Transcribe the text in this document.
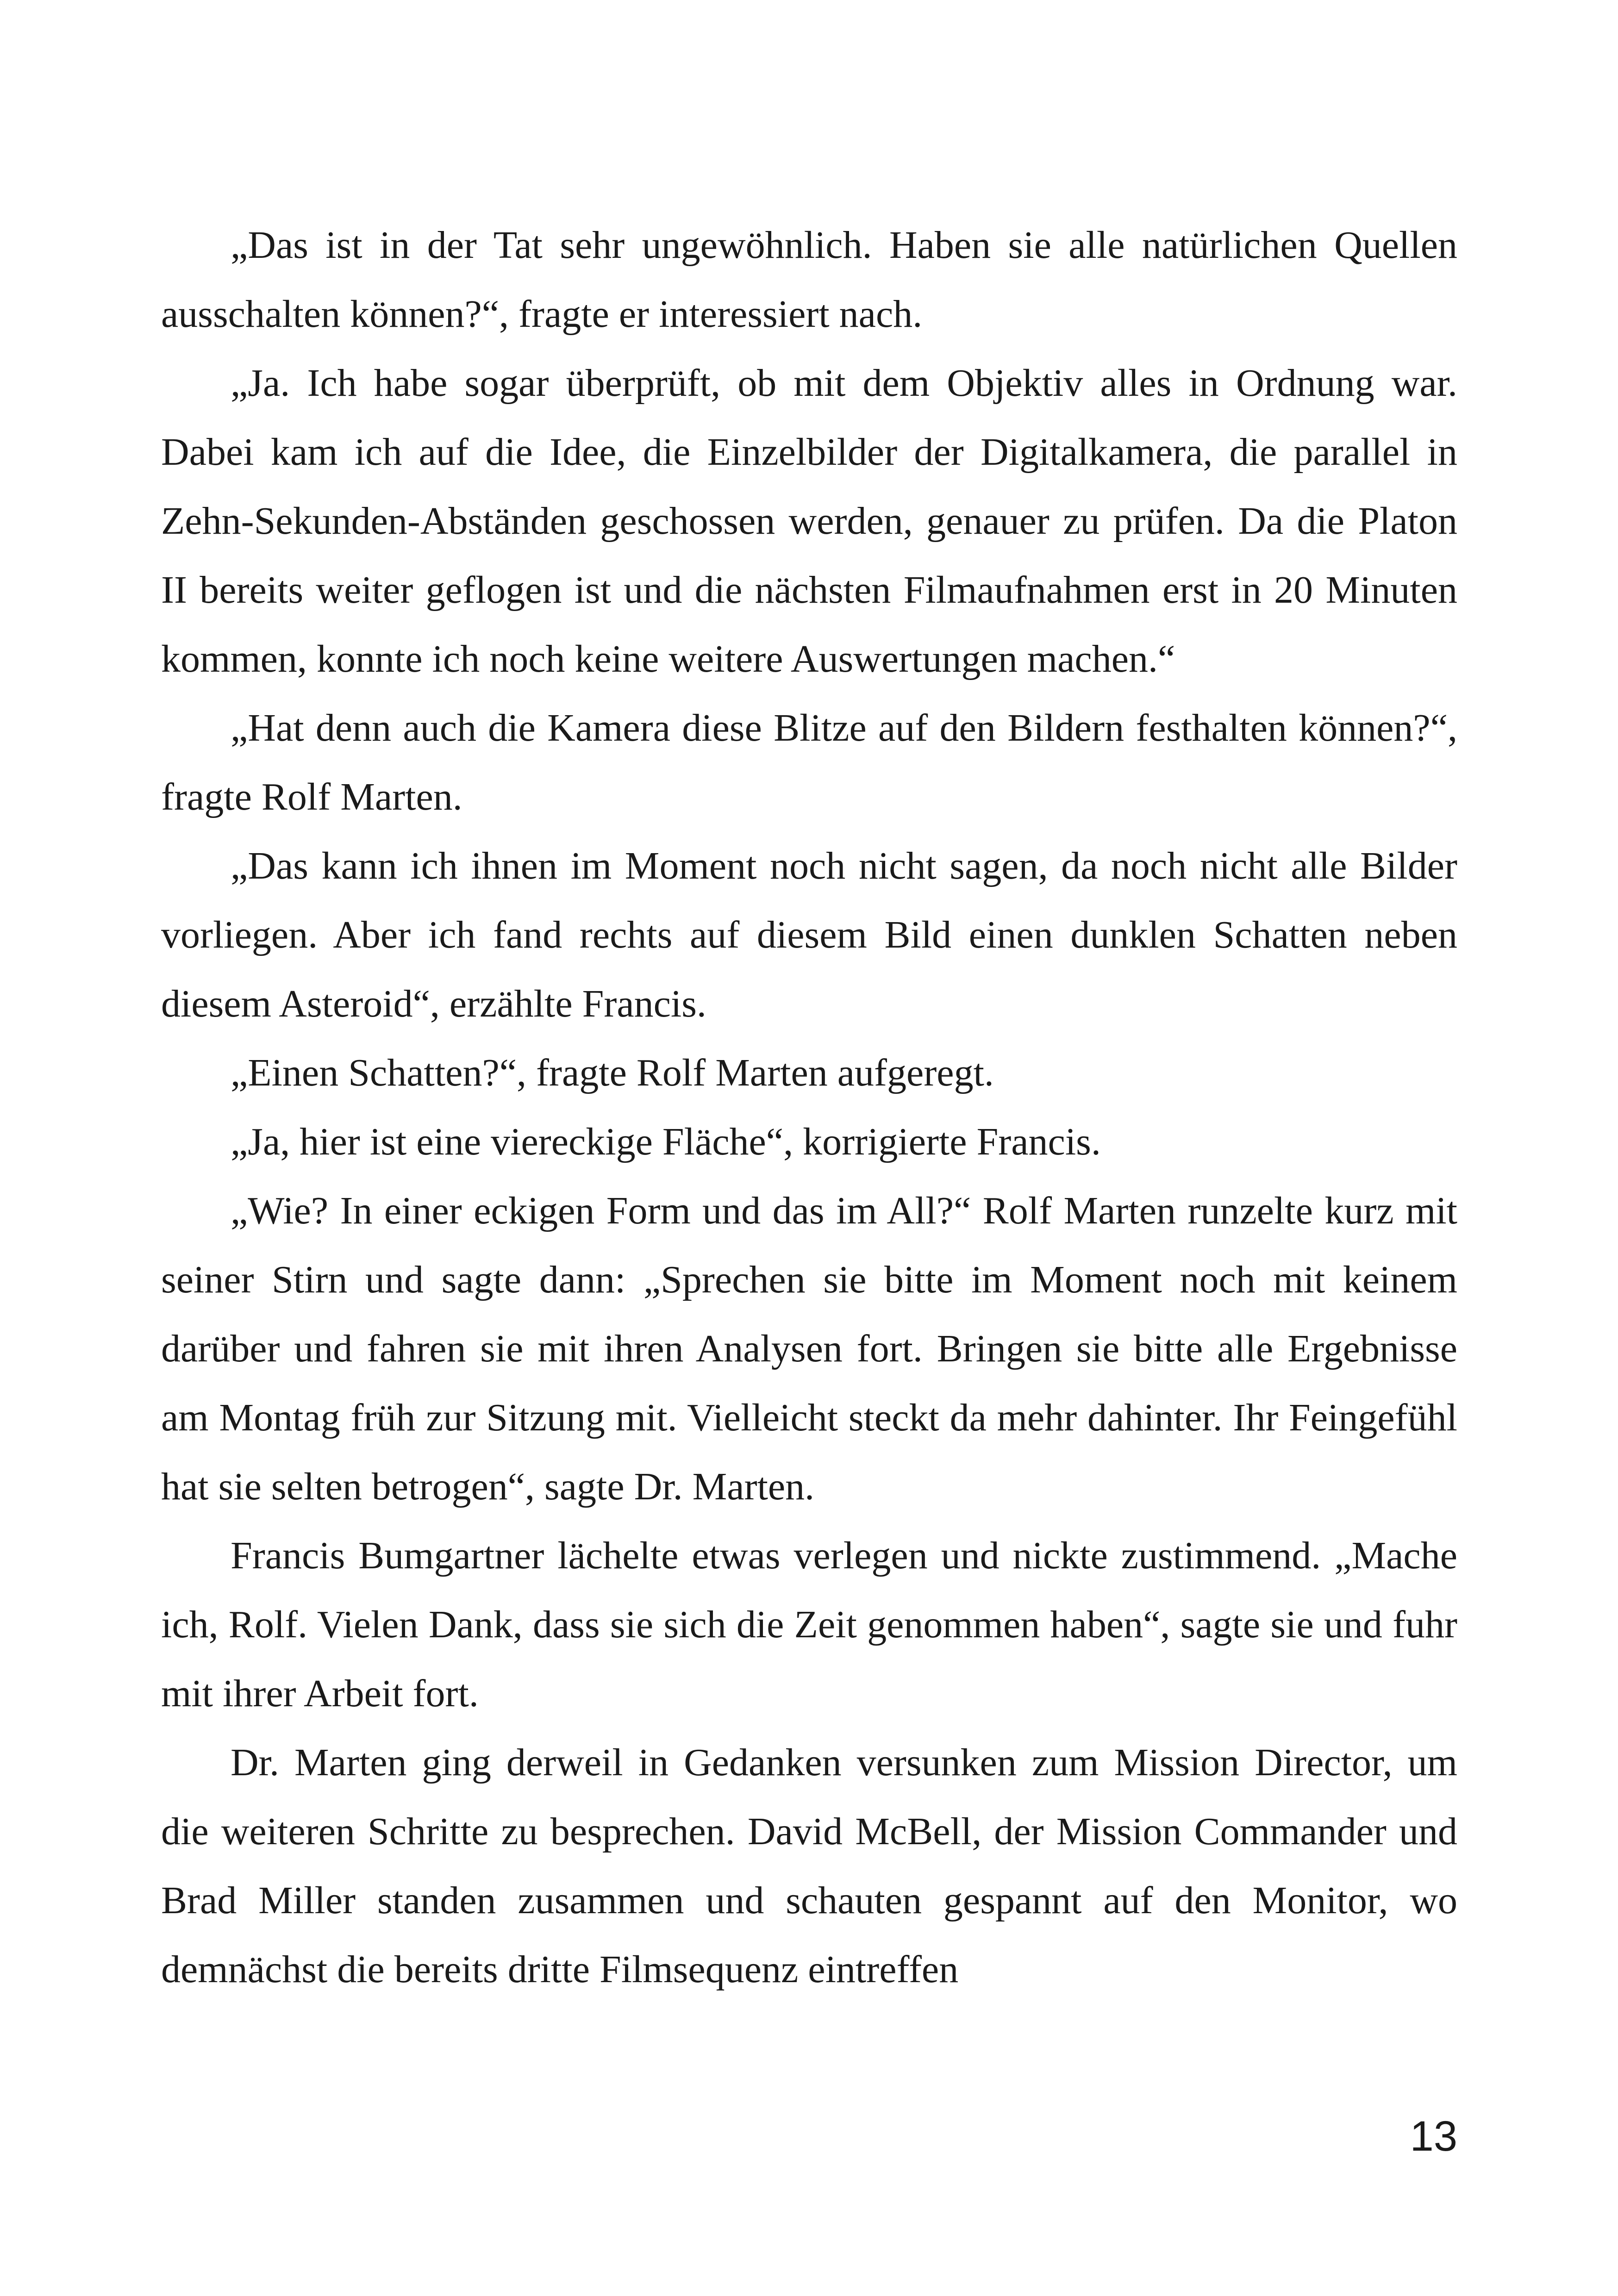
„Das ist in der Tat sehr ungewöhnlich. Haben sie alle natürlichen Quellen ausschalten können?“, fragte er interessiert nach.

„Ja. Ich habe sogar überprüft, ob mit dem Objektiv alles in Ordnung war. Dabei kam ich auf die Idee, die Einzelbilder der Digitalkamera, die parallel in Zehn-Sekunden-Abständen geschossen werden, genauer zu prüfen. Da die Platon II bereits weiter geflogen ist und die nächsten Filmaufnahmen erst in 20 Minuten kommen, konnte ich noch keine weitere Auswertungen machen.“

„Hat denn auch die Kamera diese Blitze auf den Bildern festhalten können?“, fragte Rolf Marten.

„Das kann ich ihnen im Moment noch nicht sagen, da noch nicht alle Bilder vorliegen. Aber ich fand rechts auf diesem Bild einen dunklen Schatten neben diesem Asteroid“, erzählte Francis.

„Einen Schatten?“, fragte Rolf Marten aufgeregt.

„Ja, hier ist eine viereckige Fläche“, korrigierte Francis.

„Wie? In einer eckigen Form und das im All?“ Rolf Marten runzelte kurz mit seiner Stirn und sagte dann: „Sprechen sie bitte im Moment noch mit keinem darüber und fahren sie mit ihren Analysen fort. Bringen sie bitte alle Ergebnisse am Montag früh zur Sitzung mit. Vielleicht steckt da mehr dahinter. Ihr Feingefühl hat sie selten betrogen“, sagte Dr. Marten.

Francis Bumgartner lächelte etwas verlegen und nickte zustimmend. „Mache ich, Rolf. Vielen Dank, dass sie sich die Zeit genommen haben“, sagte sie und fuhr mit ihrer Arbeit fort.

Dr. Marten ging derweil in Gedanken versunken zum Mission Director, um die weiteren Schritte zu besprechen. David McBell, der Mission Commander und Brad Miller standen zusammen und schauten gespannt auf den Monitor, wo demnächst die bereits dritte Filmsequenz eintreffen

13
